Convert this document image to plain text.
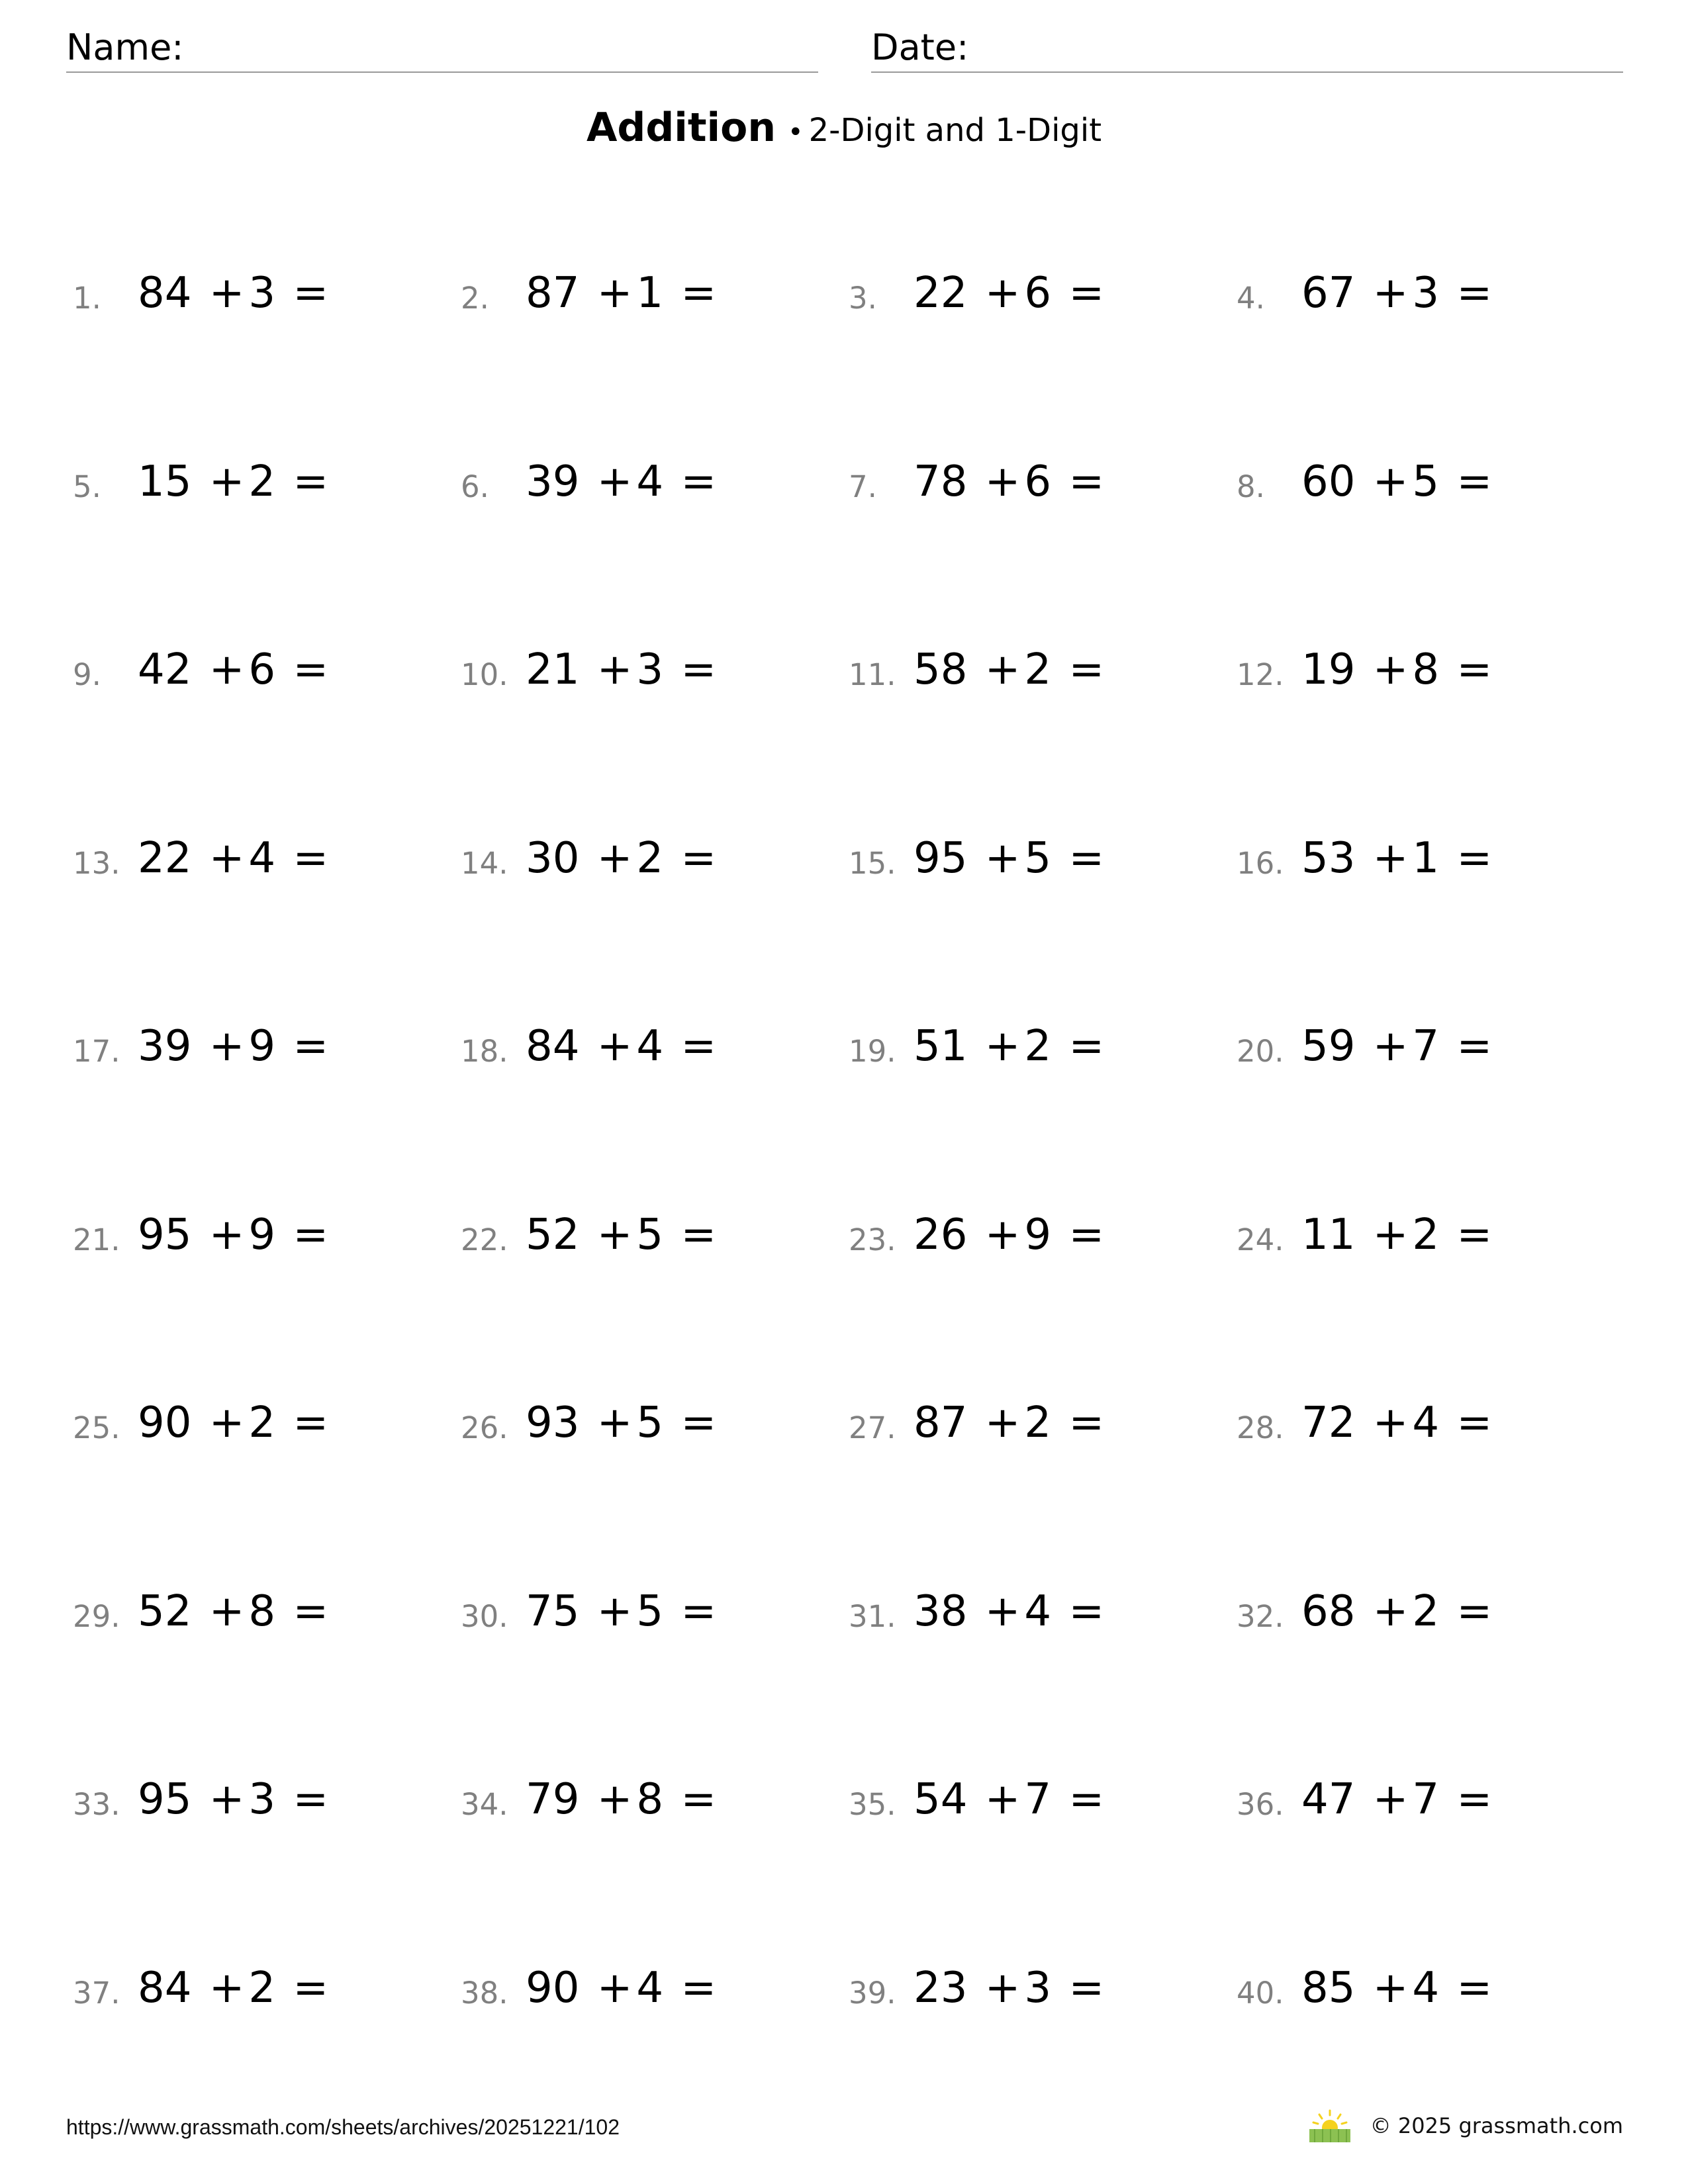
Name:	Date:
Addition • 2-Digit and 1-Digit
1. 84 +3 =	2. 87 +1 =	3. 22 +6 =	4. 67 +3 =
5. 15 +2 =	6. 39 +4 =	7. 78 +6 =	8. 60 +5 =
9. 42 +6 =	10. 21 +3 =	11. 58 +2 =	12. 19 +8 =
13. 22 +4 =	14. 30 +2 =	15. 95 +5 =	16. 53 +1 =
17. 39 +9 =	18. 84 +4 =	19. 51 +2 =	20. 59 +7 =
21. 95 +9 =	22. 52 +5 =	23. 26 +9 =	24. 11 +2 =
25. 90 +2 =	26. 93 +5 =	27. 87 +2 =	28. 72 +4 =
29. 52 +8 =	30. 75 +5 =	31. 38 +4 =	32. 68 +2 =
33. 95 +3 =	34. 79 +8 =	35. 54 +7 =	36. 47 +7 =
37. 84 +2 =	38. 90 +4 =	39. 23 +3 =	40. 85 +4 =
https://www.grassmath.com/sheets/archives/20251221/102	© 2025 grassmath.com
